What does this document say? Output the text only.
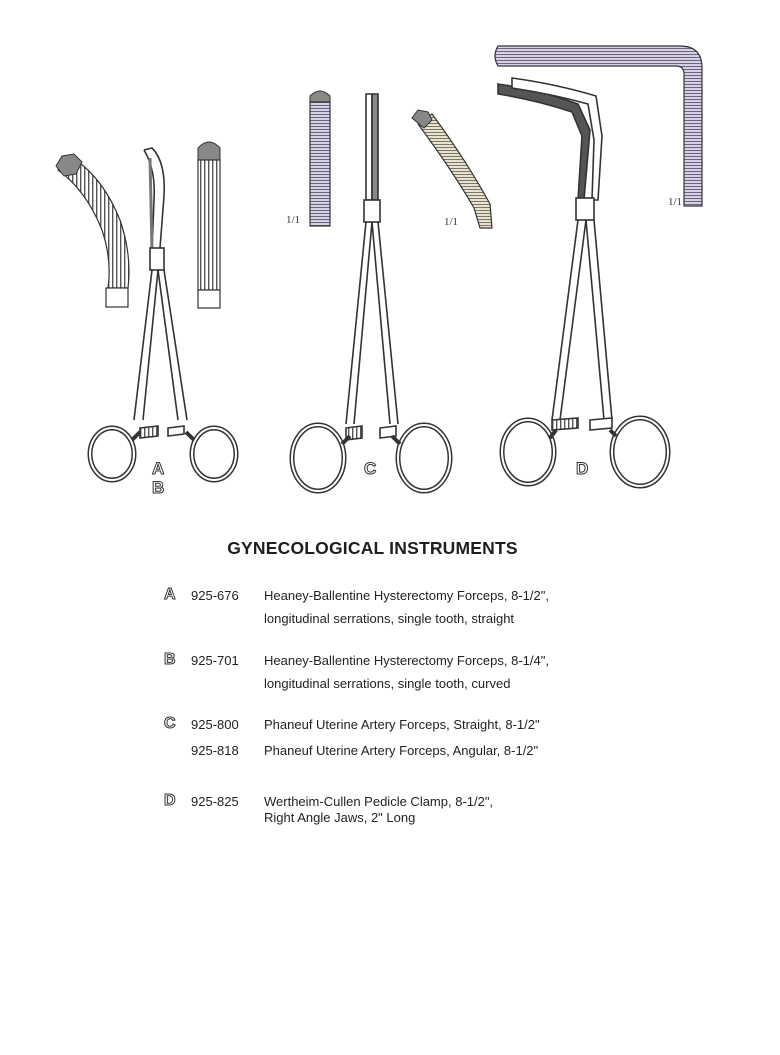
A
B
C	D
1/1	1/1
1/1
GYNECOLOGICAL INSTRUMENTS
A 925-676 Heaney-Ballentine Hysterectomy Forceps, 8-1/2",
longitudinal serrations, single tooth, straight
B 925-701 Heaney-Ballentine Hysterectomy Forceps, 8-1/4",
longitudinal serrations, single tooth, curved
C 925-800 Phaneuf Uterine Artery Forceps, Straight, 8-1/2"
925-818 Phaneuf Uterine Artery Forceps, Angular, 8-1/2"
D 925-825 Wertheim-Cullen Pedicle Clamp, 8-1/2",
Right Angle Jaws, 2" Long
